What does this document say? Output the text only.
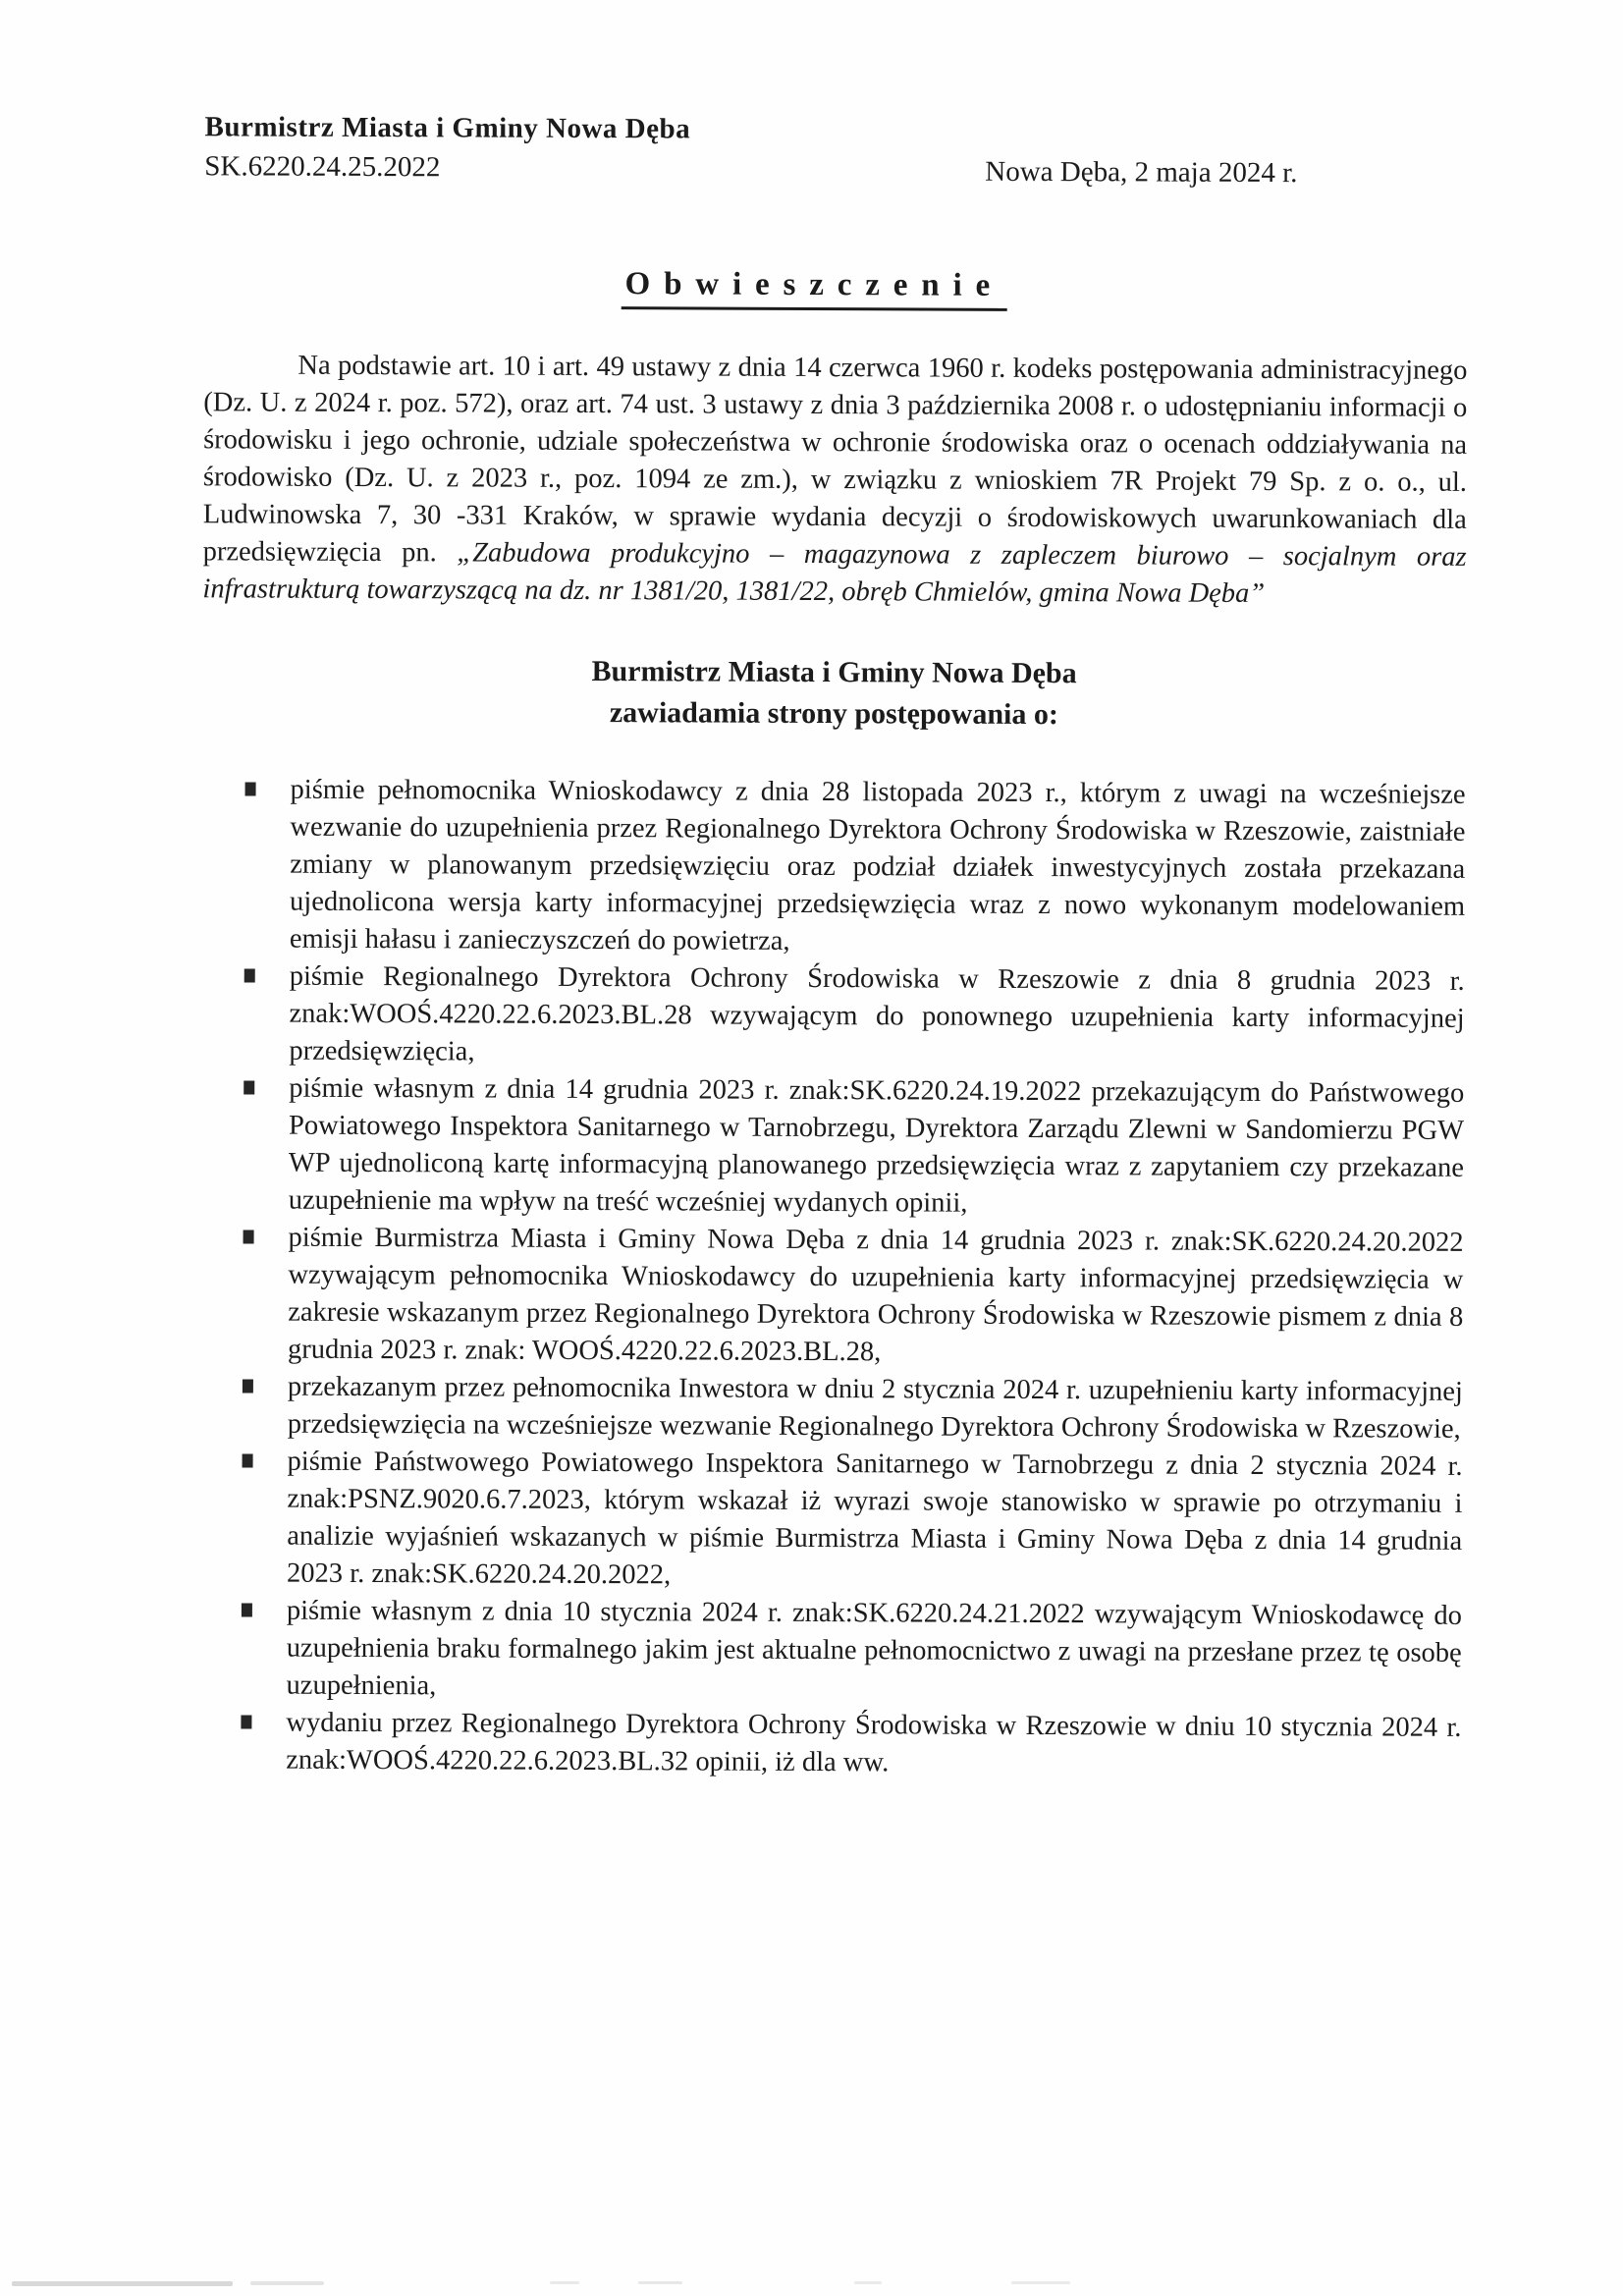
Burmistrz Miasta i Gminy Nowa Dęba
SK.6220.24.25.2022	Nowa Dęba, 2 maja 2024 r.
Obwieszczenie

Na podstawie art. 10 i art. 49 ustawy z dnia 14 czerwca 1960 r. kodeks postępowania administracyjnego (Dz. U. z 2024 r. poz. 572), oraz art. 74 ust. 3 ustawy z dnia 3 października 2008 r. o udostępnianiu informacji o środowisku i jego ochronie, udziale społeczeństwa w ochronie środowiska oraz o ocenach oddziaływania na środowisko (Dz. U. z 2023 r., poz. 1094 ze zm.), w związku z wnioskiem 7R Projekt 79 Sp. z o. o., ul. Ludwinowska 7, 30 -331 Kraków, w sprawie wydania decyzji o środowiskowych uwarunkowaniach dla przedsięwzięcia pn. „Zabudowa produkcyjno – magazynowa z zapleczem biurowo – socjalnym oraz infrastrukturą towarzyszącą na dz. nr 1381/20, 1381/22, obręb Chmielów, gmina Nowa Dęba”

Burmistrz Miasta i Gminy Nowa Dęba
zawiadamia strony postępowania o:
piśmie pełnomocnika Wnioskodawcy z dnia 28 listopada 2023 r., którym z uwagi na wcześniejsze wezwanie do uzupełnienia przez Regionalnego Dyrektora Ochrony Środowiska w Rzeszowie, zaistniałe zmiany w planowanym przedsięwzięciu oraz podział działek inwestycyjnych została przekazana ujednolicona wersja karty informacyjnej przedsięwzięcia wraz z nowo wykonanym modelowaniem emisji hałasu i zanieczyszczeń do powietrza,
piśmie Regionalnego Dyrektora Ochrony Środowiska w Rzeszowie z dnia 8 grudnia 2023 r. znak:WOOŚ.4220.22.6.2023.BL.28 wzywającym do ponownego uzupełnienia karty informacyjnej przedsięwzięcia,
piśmie własnym z dnia 14 grudnia 2023 r. znak:SK.6220.24.19.2022 przekazującym do Państwowego Powiatowego Inspektora Sanitarnego w Tarnobrzegu, Dyrektora Zarządu Zlewni w Sandomierzu PGW WP ujednoliconą kartę informacyjną planowanego przedsięwzięcia wraz z zapytaniem czy przekazane uzupełnienie ma wpływ na treść wcześniej wydanych opinii,
piśmie Burmistrza Miasta i Gminy Nowa Dęba z dnia 14 grudnia 2023 r. znak:SK.6220.24.20.2022 wzywającym pełnomocnika Wnioskodawcy do uzupełnienia karty informacyjnej przedsięwzięcia w zakresie wskazanym przez Regionalnego Dyrektora Ochrony Środowiska w Rzeszowie pismem z dnia 8 grudnia 2023 r. znak: WOOŚ.4220.22.6.2023.BL.28,
przekazanym przez pełnomocnika Inwestora w dniu 2 stycznia 2024 r. uzupełnieniu karty informacyjnej przedsięwzięcia na wcześniejsze wezwanie Regionalnego Dyrektora Ochrony Środowiska w Rzeszowie,
piśmie Państwowego Powiatowego Inspektora Sanitarnego w Tarnobrzegu z dnia 2 stycznia 2024 r. znak:PSNZ.9020.6.7.2023, którym wskazał iż wyrazi swoje stanowisko w sprawie po otrzymaniu i analizie wyjaśnień wskazanych w piśmie Burmistrza Miasta i Gminy Nowa Dęba z dnia 14 grudnia 2023 r. znak:SK.6220.24.20.2022,
piśmie własnym z dnia 10 stycznia 2024 r. znak:SK.6220.24.21.2022 wzywającym Wnioskodawcę do uzupełnienia braku formalnego jakim jest aktualne pełnomocnictwo z uwagi na przesłane przez tę osobę uzupełnienia,
wydaniu przez Regionalnego Dyrektora Ochrony Środowiska w Rzeszowie w dniu 10 stycznia 2024 r. znak:WOOŚ.4220.22.6.2023.BL.32 opinii, iż dla ww.
